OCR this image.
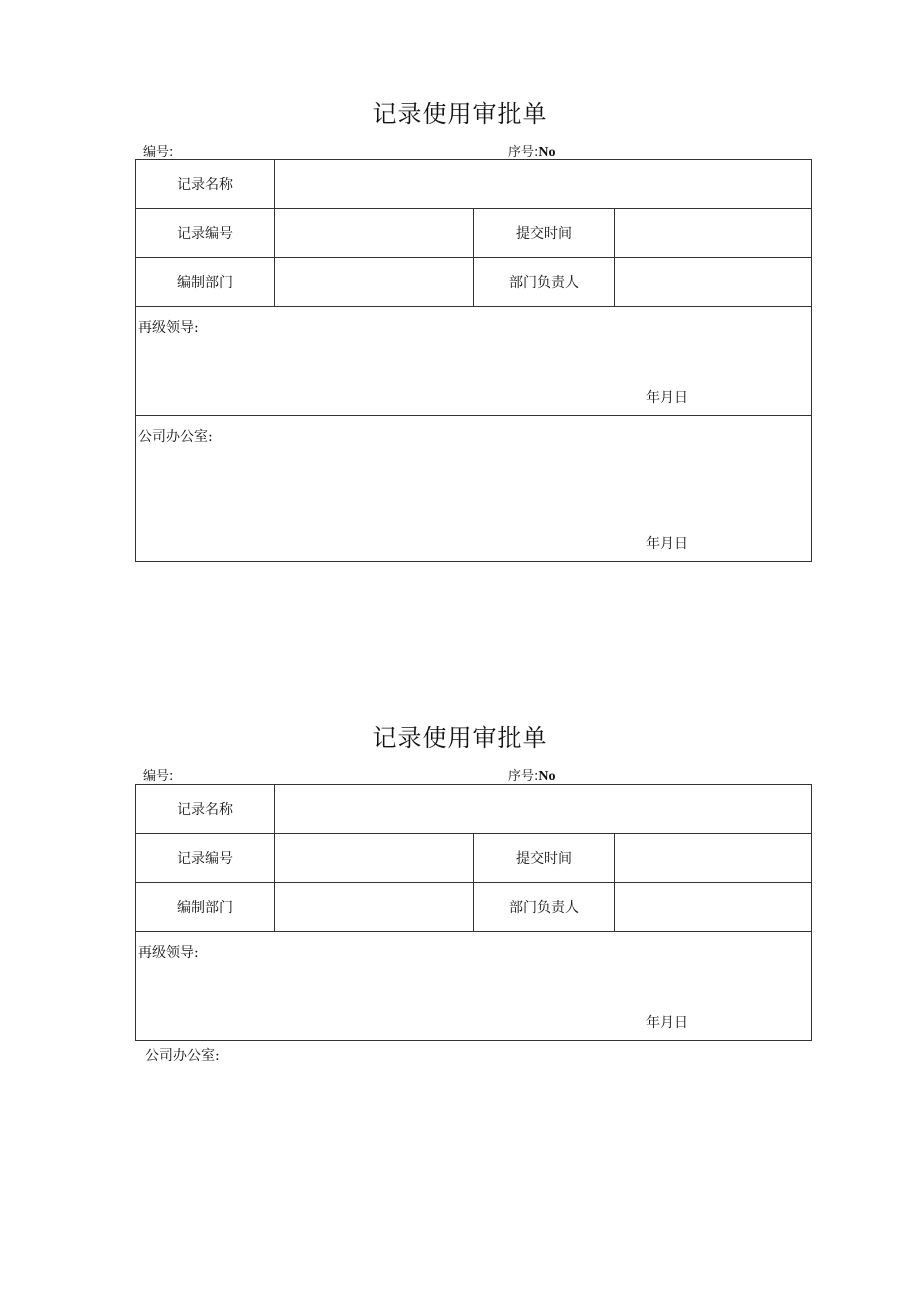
记录使用审批单
编号:	序号:No
记录名称			
记录编号		提交时间	
编制部门		部门负责人	

再级领导:
年月日			

公司办公室:
年月日			
记录使用审批单
编号:	序号:No
记录名称			
记录编号		提交时间	
编制部门		部门负责人	

再级领导:
年月日			
公司办公室:
